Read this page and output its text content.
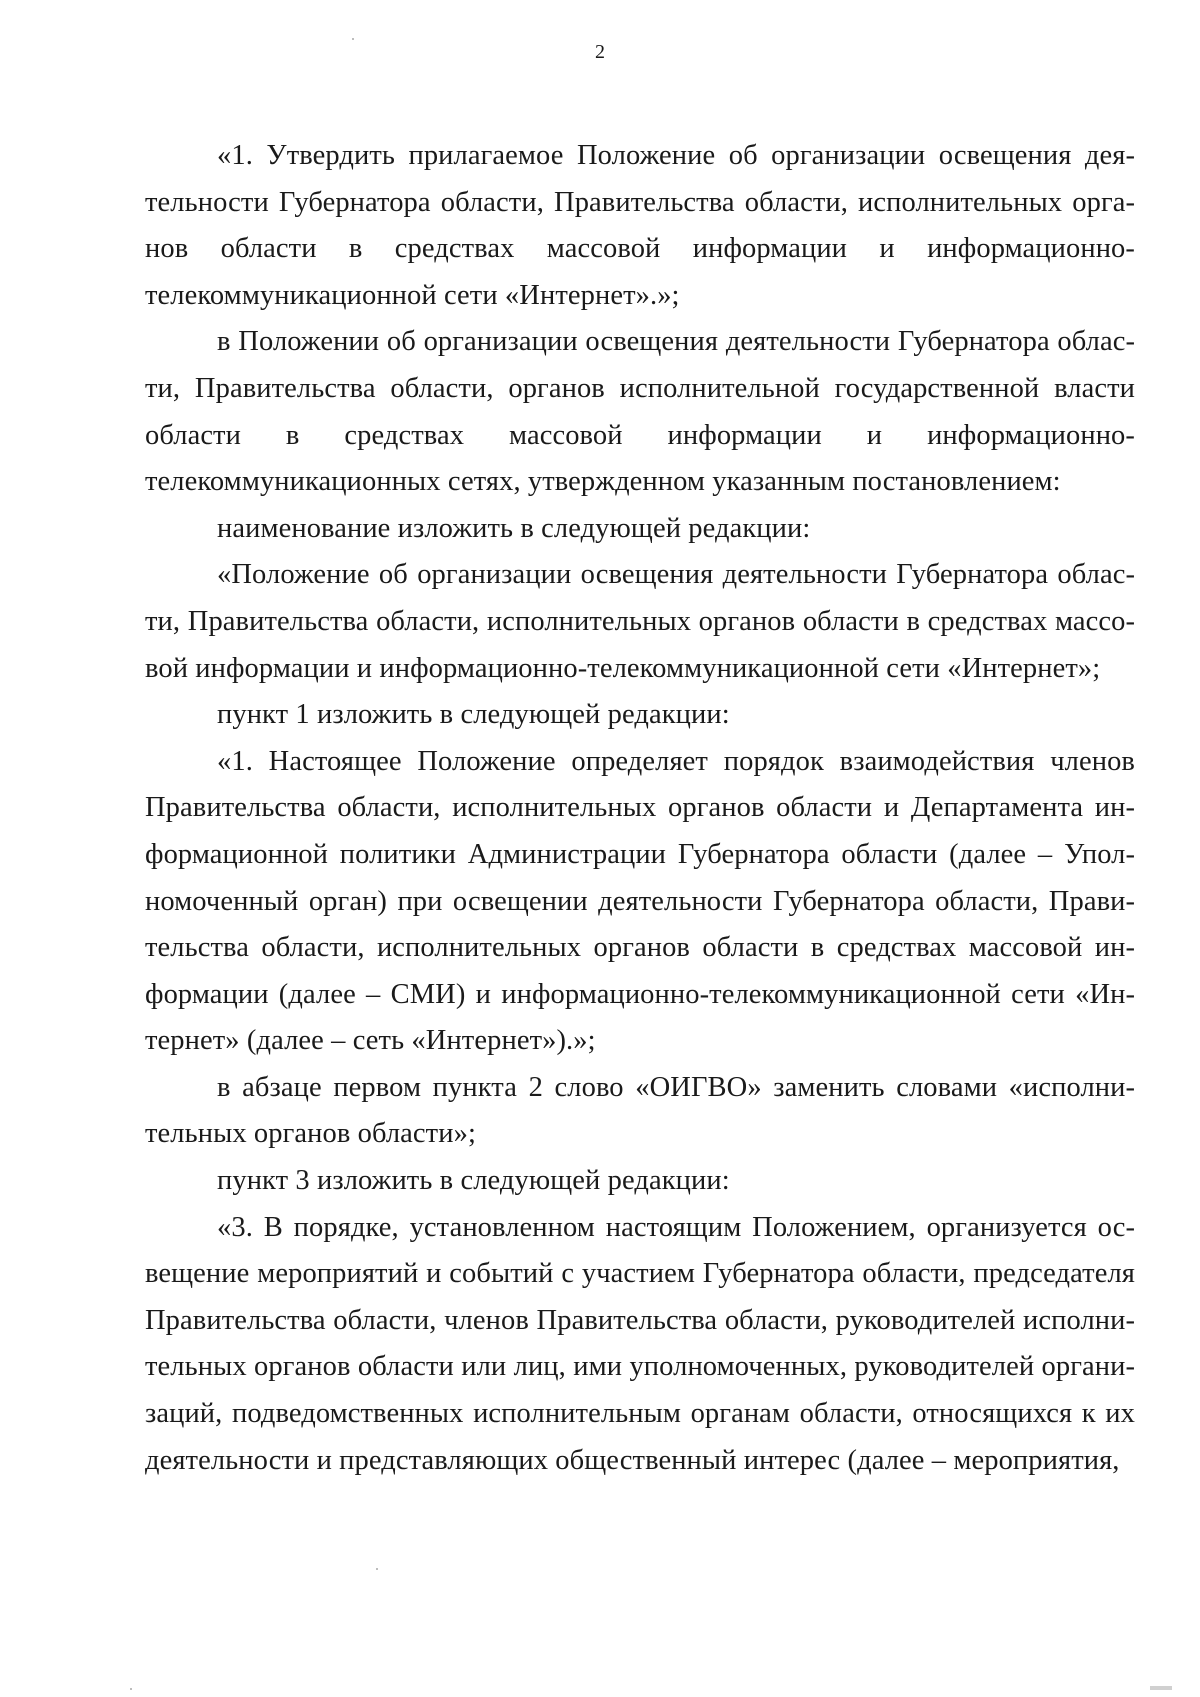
2

«1. Утвердить прилагаемое Положение об организации освещения деятельности Губернатора области, Правительства области, исполнительных органов области в средствах массовой информации и информационно-телекоммуникационной сети «Интернет».»;

в Положении об организации освещения деятельности Губернатора области, Правительства области, органов исполнительной государственной власти области в средствах массовой информации и информационно-телекоммуникационных сетях, утвержденном указанным постановлением:

наименование изложить в следующей редакции:

«Положение об организации освещения деятельности Губернатора области, Правительства области, исполнительных органов области в средствах массовой информации и информационно-телекоммуникационной сети «Интернет»;

пункт 1 изложить в следующей редакции:

«1. Настоящее Положение определяет порядок взаимодействия членов Правительства области, исполнительных органов области и Департамента информационной политики Администрации Губернатора области (далее – Уполномоченный орган) при освещении деятельности Губернатора области, Правительства области, исполнительных органов области в средствах массовой информации (далее – СМИ) и информационно-телекоммуникационной сети «Интернет» (далее – сеть «Интернет»).»;

в абзаце первом пункта 2 слово «ОИГВО» заменить словами «исполнительных органов области»;

пункт 3 изложить в следующей редакции:

«3. В порядке, установленном настоящим Положением, организуется освещение мероприятий и событий с участием Губернатора области, председателя Правительства области, членов Правительства области, руководителей исполнительных органов области или лиц, ими уполномоченных, руководителей организаций, подведомственных исполнительным органам области, относящихся к их деятельности и представляющих общественный интерес (далее – мероприятия,
